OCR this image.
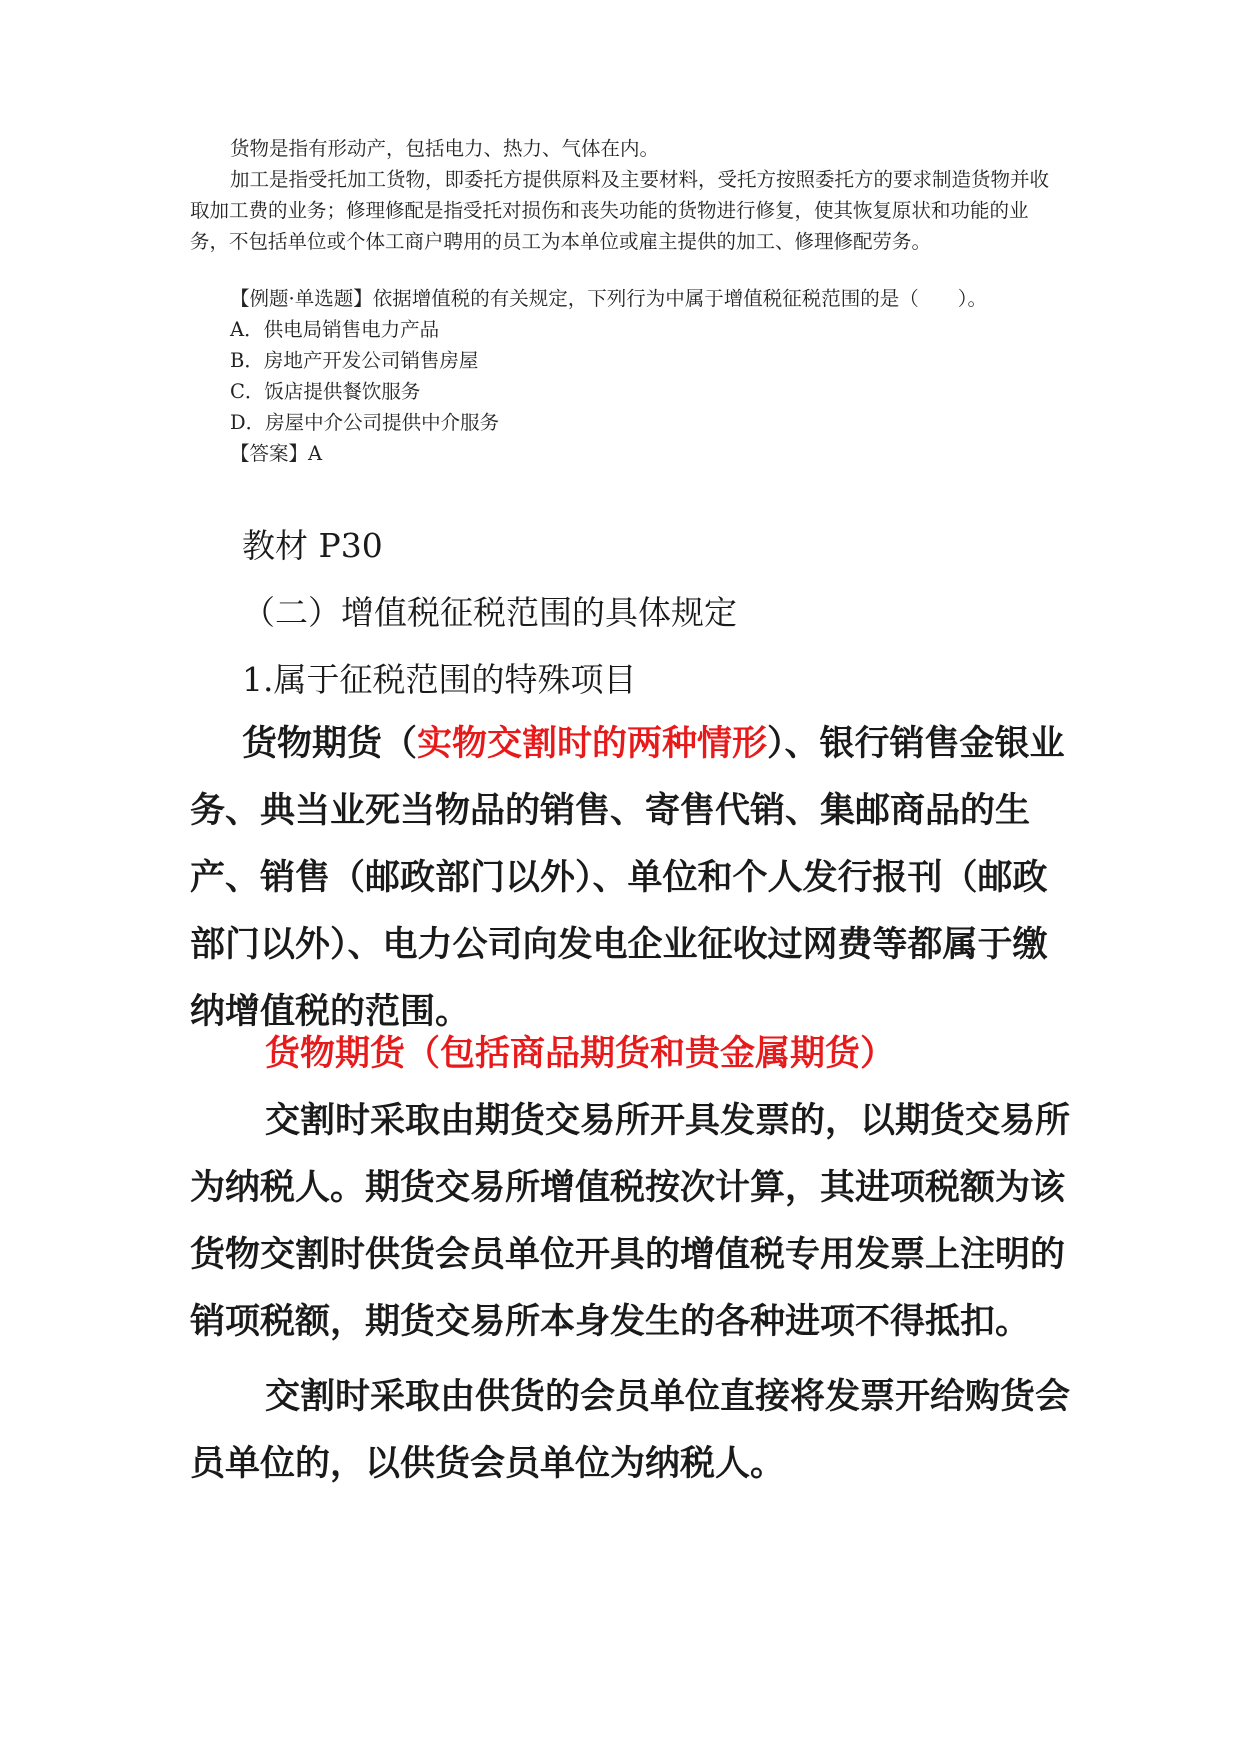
货物是指有形动产，包括电力、热力、气体在内。

加工是指受托加工货物，即委托方提供原料及主要材料，受托方按照委托方的要求制造货物并收取加工费的业务；修理修配是指受托对损伤和丧失功能的货物进行修复，使其恢复原状和功能的业务，不包括单位或个体工商户聘用的员工为本单位或雇主提供的加工、修理修配劳务。

【例题·单选题】依据增值税的有关规定，下列行为中属于增值税征税范围的是（　　）。

A．供电局销售电力产品

B．房地产开发公司销售房屋

C．饭店提供餐饮服务

D．房屋中介公司提供中介服务

【答案】A

教材 P30

（二）增值税征税范围的具体规定

1.属于征税范围的特殊项目

货物期货（实物交割时的两种情形）、银行销售金银业务、典当业死当物品的销售、寄售代销、集邮商品的生产、销售（邮政部门以外）、单位和个人发行报刊（邮政部门以外）、电力公司向发电企业征收过网费等都属于缴纳增值税的范围。

货物期货（包括商品期货和贵金属期货）

交割时采取由期货交易所开具发票的，以期货交易所为纳税人。期货交易所增值税按次计算，其进项税额为该货物交割时供货会员单位开具的增值税专用发票上注明的销项税额，期货交易所本身发生的各种进项不得抵扣。

交割时采取由供货的会员单位直接将发票开给购货会员单位的，以供货会员单位为纳税人。
